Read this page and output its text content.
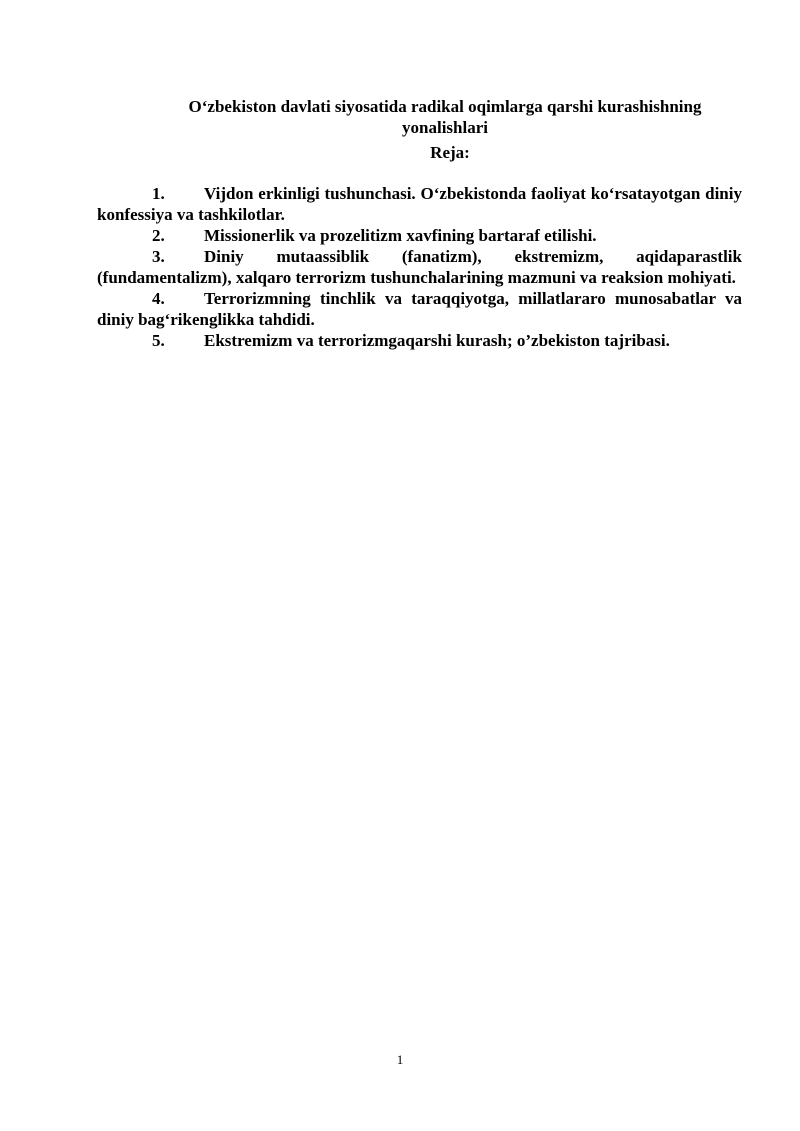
O‘zbekiston davlati siyosatida radikal oqimlarga qarshi kurashishning
yonalishlari
Reja:
1. Vijdon erkinligi tushunchasi. O‘zbekistonda faoliyat ko‘rsatayotgan diniy konfessiya va tashkilotlar.
2. Missionerlik va prozelitizm xavfining bartaraf etilishi.
3. Diniy mutaassiblik (fanatizm), ekstremizm, aqidaparastlik (fundamentalizm), xalqaro terrorizm tushunchalarining mazmuni va reaksion mohiyati.
4. Terrorizmning tinchlik va taraqqiyotga, millatlararo munosabatlar va diniy bag‘rikenglikka tahdidi.
5. Ekstremizm va terrorizmgaqarshi kurash; o’zbekiston tajribasi.
1
